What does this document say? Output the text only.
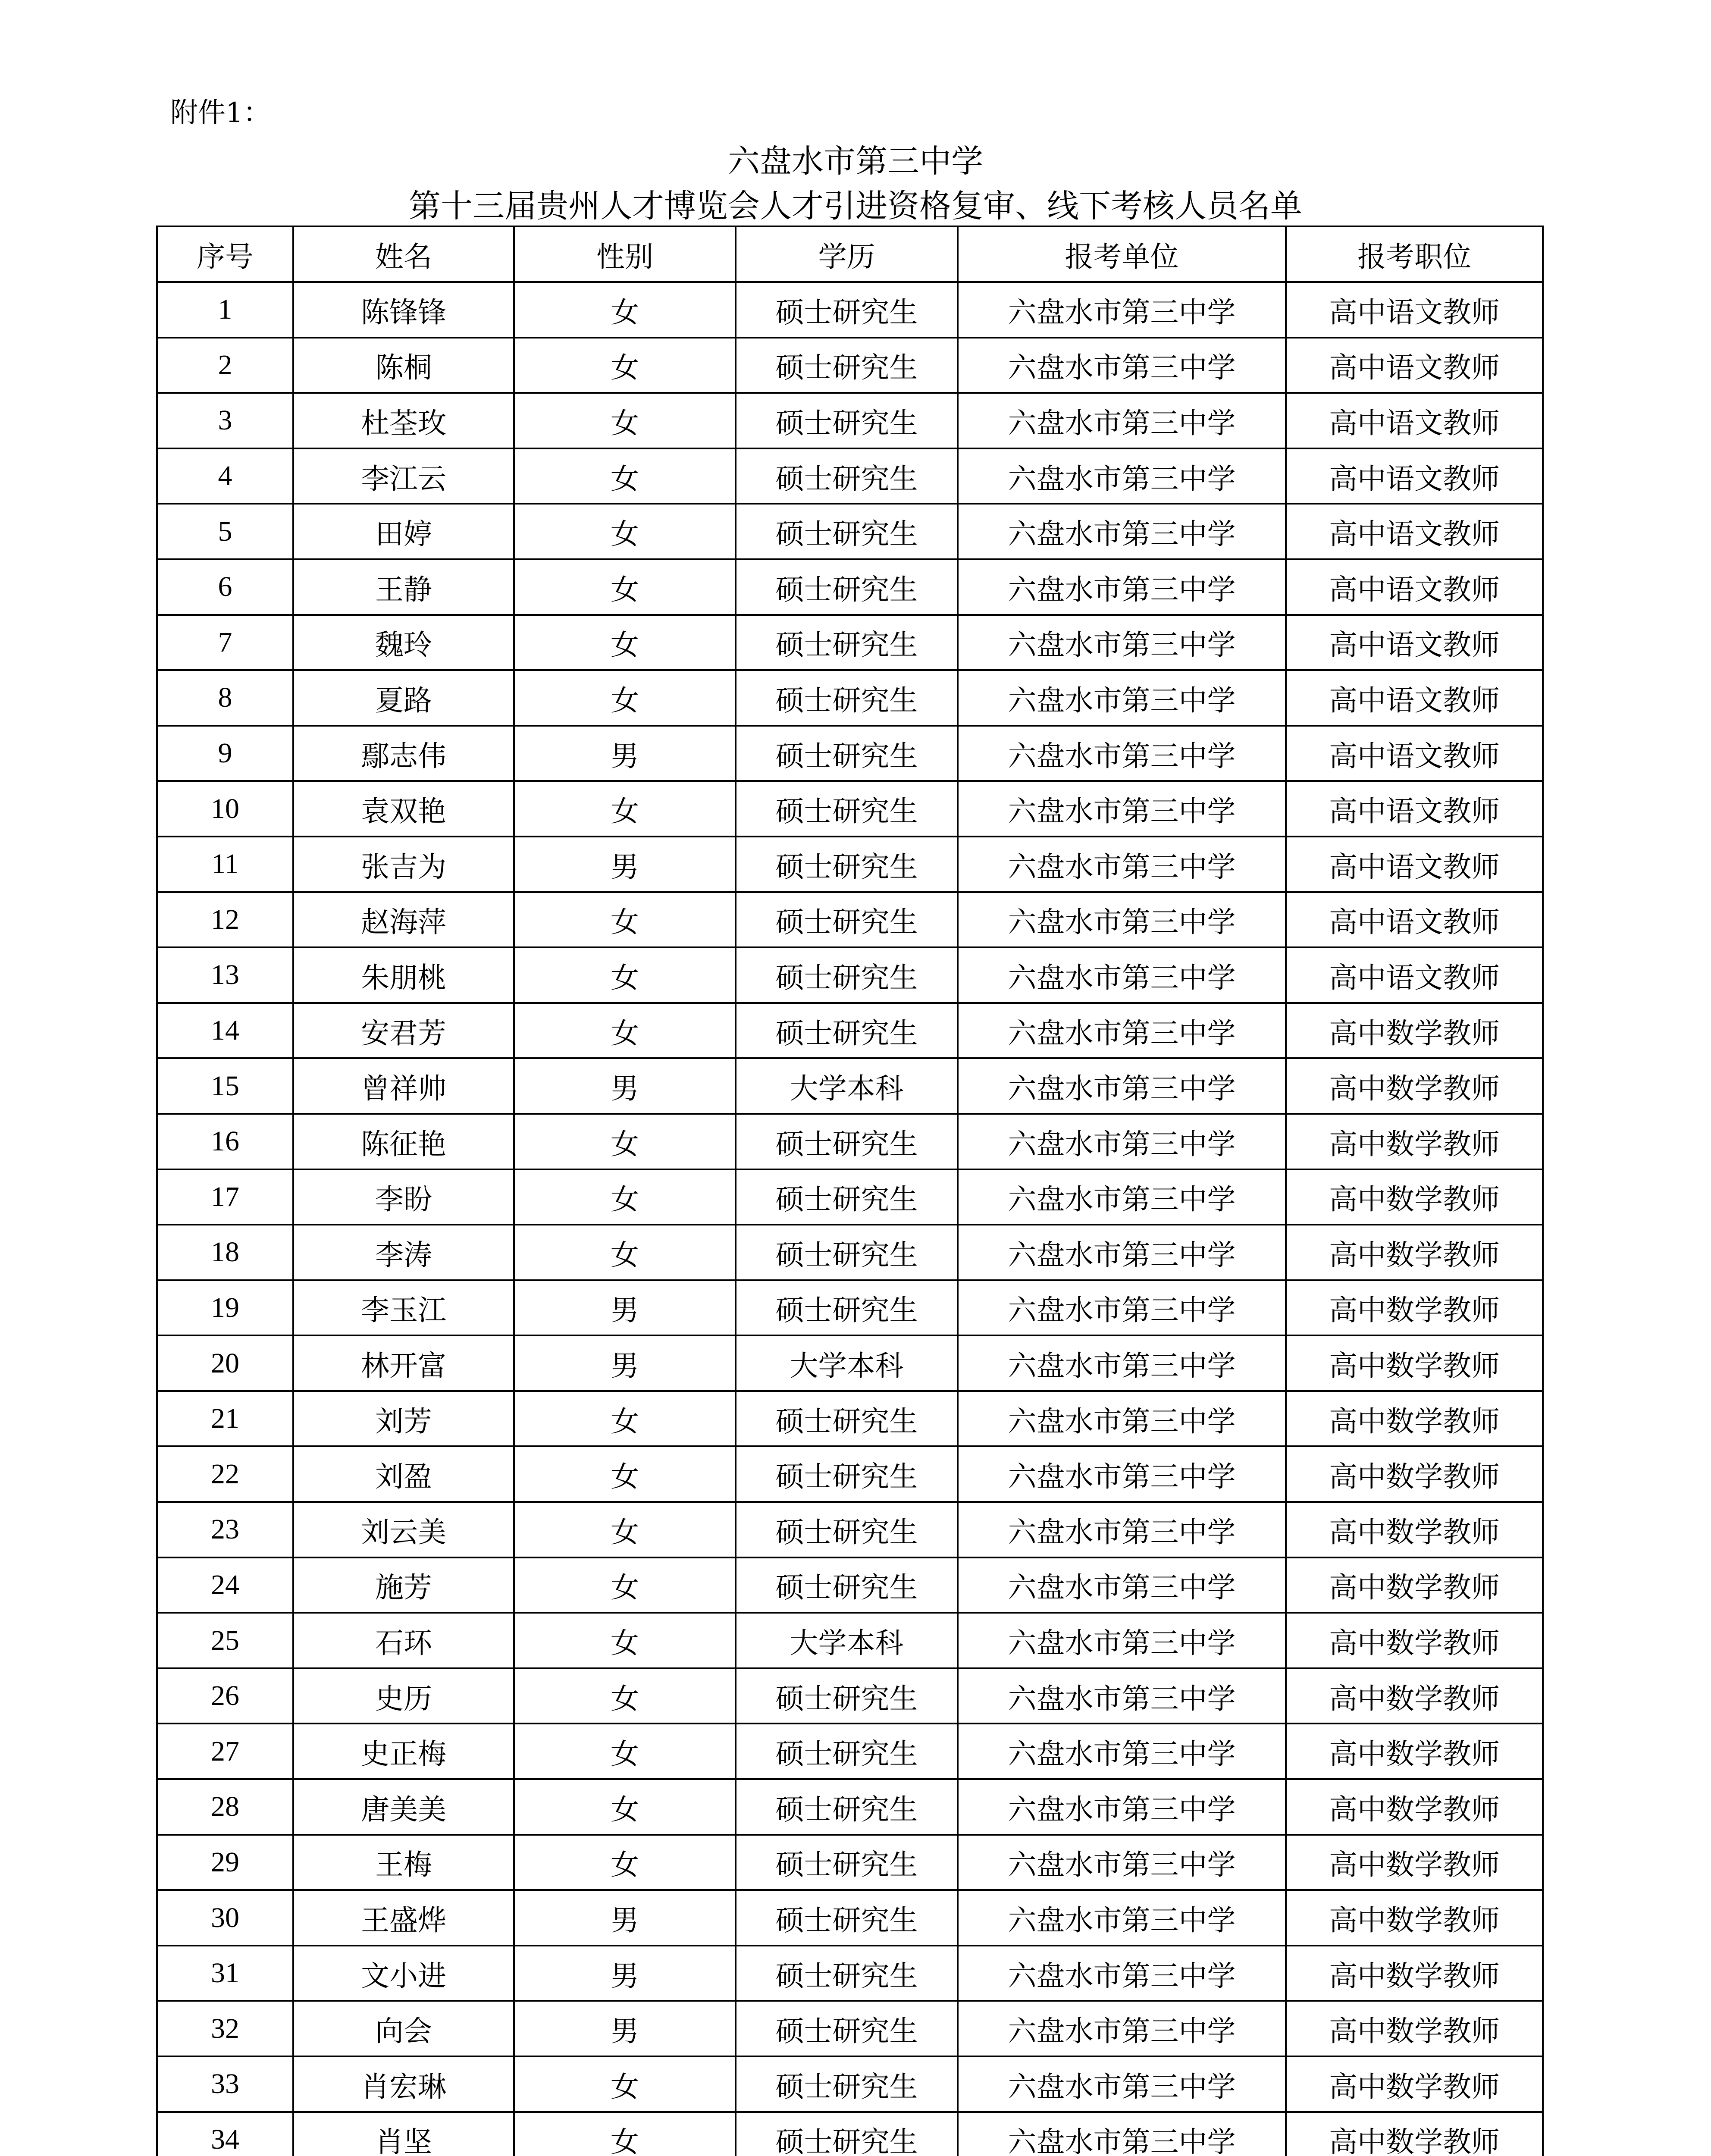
附件1：
六盘水市第三中学
第十三届贵州人才博览会人才引进资格复审、线下考核人员名单
序号	姓名	性别	学历	报考单位	报考职位
1	陈锋锋	女	硕士研究生	六盘水市第三中学	高中语文教师
2	陈桐	女	硕士研究生	六盘水市第三中学	高中语文教师
3	杜荃玫	女	硕士研究生	六盘水市第三中学	高中语文教师
4	李江云	女	硕士研究生	六盘水市第三中学	高中语文教师
5	田婷	女	硕士研究生	六盘水市第三中学	高中语文教师
6	王静	女	硕士研究生	六盘水市第三中学	高中语文教师
7	魏玲	女	硕士研究生	六盘水市第三中学	高中语文教师
8	夏路	女	硕士研究生	六盘水市第三中学	高中语文教师
9	鄢志伟	男	硕士研究生	六盘水市第三中学	高中语文教师
10	袁双艳	女	硕士研究生	六盘水市第三中学	高中语文教师
11	张吉为	男	硕士研究生	六盘水市第三中学	高中语文教师
12	赵海萍	女	硕士研究生	六盘水市第三中学	高中语文教师
13	朱朋桃	女	硕士研究生	六盘水市第三中学	高中语文教师
14	安君芳	女	硕士研究生	六盘水市第三中学	高中数学教师
15	曾祥帅	男	大学本科	六盘水市第三中学	高中数学教师
16	陈征艳	女	硕士研究生	六盘水市第三中学	高中数学教师
17	李盼	女	硕士研究生	六盘水市第三中学	高中数学教师
18	李涛	女	硕士研究生	六盘水市第三中学	高中数学教师
19	李玉江	男	硕士研究生	六盘水市第三中学	高中数学教师
20	林开富	男	大学本科	六盘水市第三中学	高中数学教师
21	刘芳	女	硕士研究生	六盘水市第三中学	高中数学教师
22	刘盈	女	硕士研究生	六盘水市第三中学	高中数学教师
23	刘云美	女	硕士研究生	六盘水市第三中学	高中数学教师
24	施芳	女	硕士研究生	六盘水市第三中学	高中数学教师
25	石环	女	大学本科	六盘水市第三中学	高中数学教师
26	史历	女	硕士研究生	六盘水市第三中学	高中数学教师
27	史正梅	女	硕士研究生	六盘水市第三中学	高中数学教师
28	唐美美	女	硕士研究生	六盘水市第三中学	高中数学教师
29	王梅	女	硕士研究生	六盘水市第三中学	高中数学教师
30	王盛烨	男	硕士研究生	六盘水市第三中学	高中数学教师
31	文小进	男	硕士研究生	六盘水市第三中学	高中数学教师
32	向会	男	硕士研究生	六盘水市第三中学	高中数学教师
33	肖宏琳	女	硕士研究生	六盘水市第三中学	高中数学教师
34	肖坚	女	硕士研究生	六盘水市第三中学	高中数学教师
